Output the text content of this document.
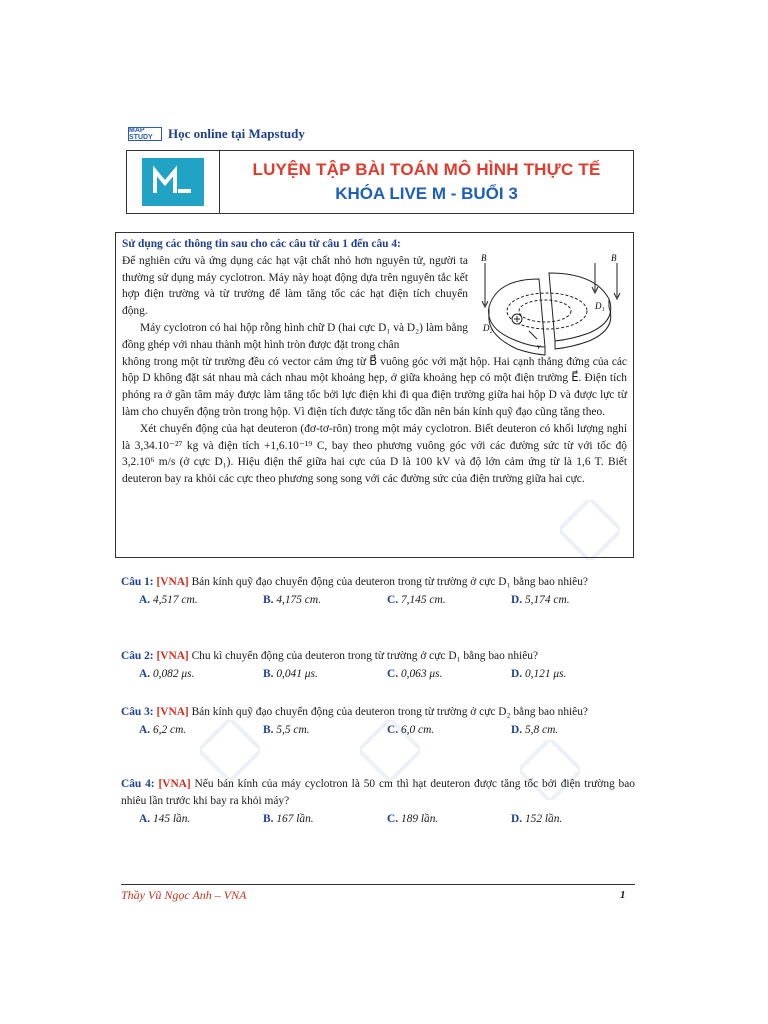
MAP STUDY	Học online tại Mapstudy
LUYỆN TẬP BÀI TOÁN MÔ HÌNH THỰC TẾ
KHÓA LIVE M - BUỔI 3

Sử dụng các thông tin sau cho các câu từ câu 1 đến câu 4:

Để nghiên cứu và ứng dụng các hạt vật chất nhỏ hơn nguyên tử, người ta thường sử dụng máy cyclotron. Máy này hoạt động dựa trên nguyên tắc kết hợp điện trường và từ trường để làm tăng tốc các hạt điện tích chuyển động.

Máy cyclotron có hai hộp rỗng hình chữ D (hai cực D₁ và D₂) làm bằng đồng ghép với nhau thành một hình tròn được đặt trong chân

không trong một từ trường đều có vector cảm ứng từ B⃗ vuông góc với mặt hộp. Hai cạnh thẳng đứng của các hộp D không đặt sát nhau mà cách nhau một khoảng hẹp, ở giữa khoảng hẹp có một điện trường E⃗. Điện tích phóng ra ở gần tâm máy được làm tăng tốc bởi lực điện khi đi qua điện trường giữa hai hộp D và được lực từ làm cho chuyển động tròn trong hộp. Vì điện tích được tăng tốc dần nên bán kính quỹ đạo cũng tăng theo.

Xét chuyển động của hạt deuteron (đơ-tơ-rôn) trong một máy cyclotron. Biết deuteron có khối lượng nghỉ là 3,34.10⁻²⁷ kg và điện tích +1,6.10⁻¹⁹ C, bay theo phương vuông góc với các đường sức từ với tốc độ 3,2.10⁶ m/s (ở cực D₁). Hiệu điện thế giữa hai cực của D là 100 kV và độ lớn cảm ứng từ là 1,6 T. Biết deuteron bay ra khỏi các cực theo phương song song với các đường sức của điện trường giữa hai cực.

B	B
D₁
D₂
v
Câu 1: [VNA] Bán kính quỹ đạo chuyển động của deuteron trong từ trường ở cực D₁ bằng bao nhiêu?
A. 4,517 cm.	B. 4,175 cm.	C. 7,145 cm.	D. 5,174 cm.
Câu 2: [VNA] Chu kì chuyển động của deuteron trong từ trường ở cực D₁ bằng bao nhiêu?
A. 0,082 μs.	B. 0,041 μs.	C. 0,063 μs.	D. 0,121 μs.
Câu 3: [VNA] Bán kính quỹ đạo chuyển động của deuteron trong từ trường ở cực D₂ bằng bao nhiêu?
A. 6,2 cm.	B. 5,5 cm.	C. 6,0 cm.	D. 5,8 cm.
Câu 4: [VNA] Nếu bán kính của máy cyclotron là 50 cm thì hạt deuteron được tăng tốc bởi điện trường bao nhiêu lần trước khi bay ra khỏi máy?
A. 145 lần.	B. 167 lần.	C. 189 lần.	D. 152 lần.
Thầy Vũ Ngọc Anh – VNA	1
